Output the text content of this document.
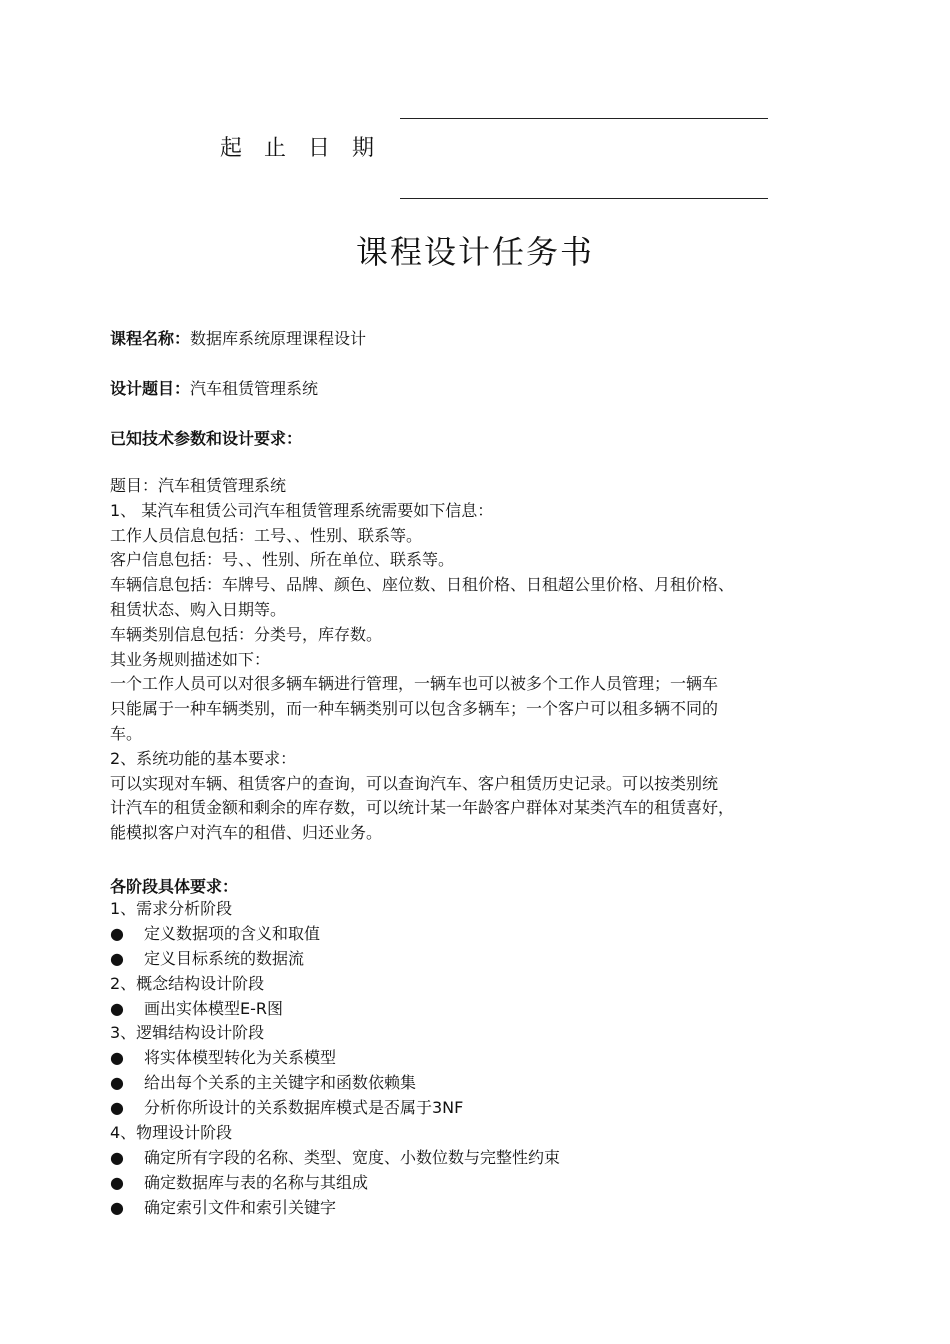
起止日期
课程设计任务书
课程名称：数据库系统原理课程设计
设计题目：汽车租赁管理系统
已知技术参数和设计要求：
题目：汽车租赁管理系统
1、 某汽车租赁公司汽车租赁管理系统需要如下信息：
工作人员信息包括：工号、、性别、联系等。
客户信息包括：号、、性别、所在单位、联系等。
车辆信息包括：车牌号、品牌、颜色、座位数、日租价格、日租超公里价格、月租价格、
租赁状态、购入日期等。
车辆类别信息包括：分类号，库存数。
其业务规则描述如下：
一个工作人员可以对很多辆车辆进行管理，一辆车也可以被多个工作人员管理；一辆车
只能属于一种车辆类别，而一种车辆类别可以包含多辆车；一个客户可以租多辆不同的
车。
2、系统功能的基本要求：
可以实现对车辆、租赁客户的查询，可以查询汽车、客户租赁历史记录。可以按类别统
计汽车的租赁金额和剩余的库存数，可以统计某一年龄客户群体对某类汽车的租赁喜好，
能模拟客户对汽车的租借、归还业务。
各阶段具体要求：
1、需求分析阶段
● 定义数据项的含义和取值
● 定义目标系统的数据流
2、概念结构设计阶段
● 画出实体模型E-R图
3、逻辑结构设计阶段
● 将实体模型转化为关系模型
● 给出每个关系的主关键字和函数依赖集
● 分析你所设计的关系数据库模式是否属于3NF
4、物理设计阶段
● 确定所有字段的名称、类型、宽度、小数位数与完整性约束
● 确定数据库与表的名称与其组成
● 确定索引文件和索引关键字
